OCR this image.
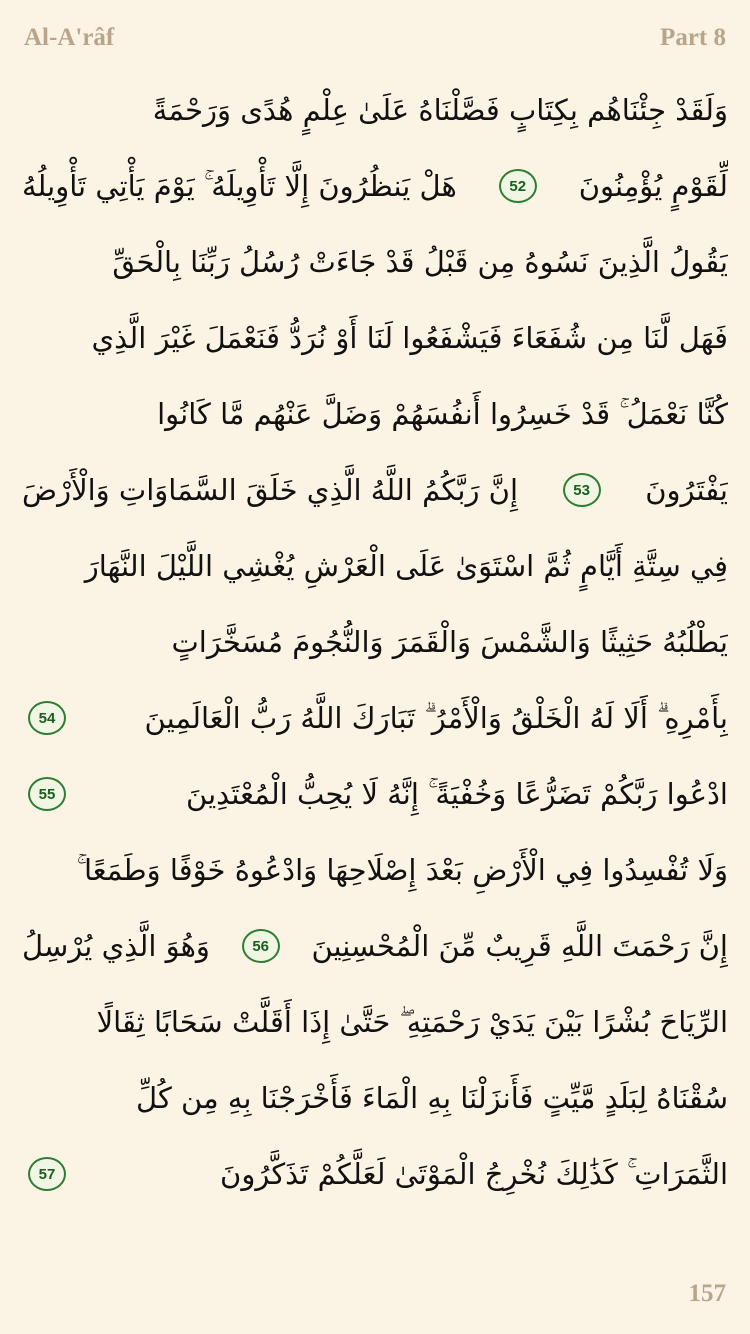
Al-A'râf	Part 8
وَلَقَدْ جِئْنَاهُم بِكِتَابٍ فَصَّلْنَاهُ عَلَىٰ عِلْمٍ هُدًى وَرَحْمَةً
لِّقَوْمٍ يُؤْمِنُونَ
52
هَلْ يَنظُرُونَ إِلَّا تَأْوِيلَهُ ۚ يَوْمَ يَأْتِي تَأْوِيلُهُ
يَقُولُ الَّذِينَ نَسُوهُ مِن قَبْلُ قَدْ جَاءَتْ رُسُلُ رَبِّنَا بِالْحَقِّ
فَهَل لَّنَا مِن شُفَعَاءَ فَيَشْفَعُوا لَنَا أَوْ نُرَدُّ فَنَعْمَلَ غَيْرَ الَّذِي
كُنَّا نَعْمَلُ ۚ قَدْ خَسِرُوا أَنفُسَهُمْ وَضَلَّ عَنْهُم مَّا كَانُوا
يَفْتَرُونَ
53
إِنَّ رَبَّكُمُ اللَّهُ الَّذِي خَلَقَ السَّمَاوَاتِ وَالْأَرْضَ
فِي سِتَّةِ أَيَّامٍ ثُمَّ اسْتَوَىٰ عَلَى الْعَرْشِ يُغْشِي اللَّيْلَ النَّهَارَ
يَطْلُبُهُ حَثِيثًا وَالشَّمْسَ وَالْقَمَرَ وَالنُّجُومَ مُسَخَّرَاتٍ
بِأَمْرِهِ ۗ أَلَا لَهُ الْخَلْقُ وَالْأَمْرُ ۗ تَبَارَكَ اللَّهُ رَبُّ الْعَالَمِينَ
54
ادْعُوا رَبَّكُمْ تَضَرُّعًا وَخُفْيَةً ۚ إِنَّهُ لَا يُحِبُّ الْمُعْتَدِينَ
55
وَلَا تُفْسِدُوا فِي الْأَرْضِ بَعْدَ إِصْلَاحِهَا وَادْعُوهُ خَوْفًا وَطَمَعًا ۚ
إِنَّ رَحْمَتَ اللَّهِ قَرِيبٌ مِّنَ الْمُحْسِنِينَ
56
وَهُوَ الَّذِي يُرْسِلُ
الرِّيَاحَ بُشْرًا بَيْنَ يَدَيْ رَحْمَتِهِ ۖ حَتَّىٰ إِذَا أَقَلَّتْ سَحَابًا ثِقَالًا
سُقْنَاهُ لِبَلَدٍ مَّيِّتٍ فَأَنزَلْنَا بِهِ الْمَاءَ فَأَخْرَجْنَا بِهِ مِن كُلِّ
الثَّمَرَاتِ ۚ كَذَٰلِكَ نُخْرِجُ الْمَوْتَىٰ لَعَلَّكُمْ تَذَكَّرُونَ
57
157
